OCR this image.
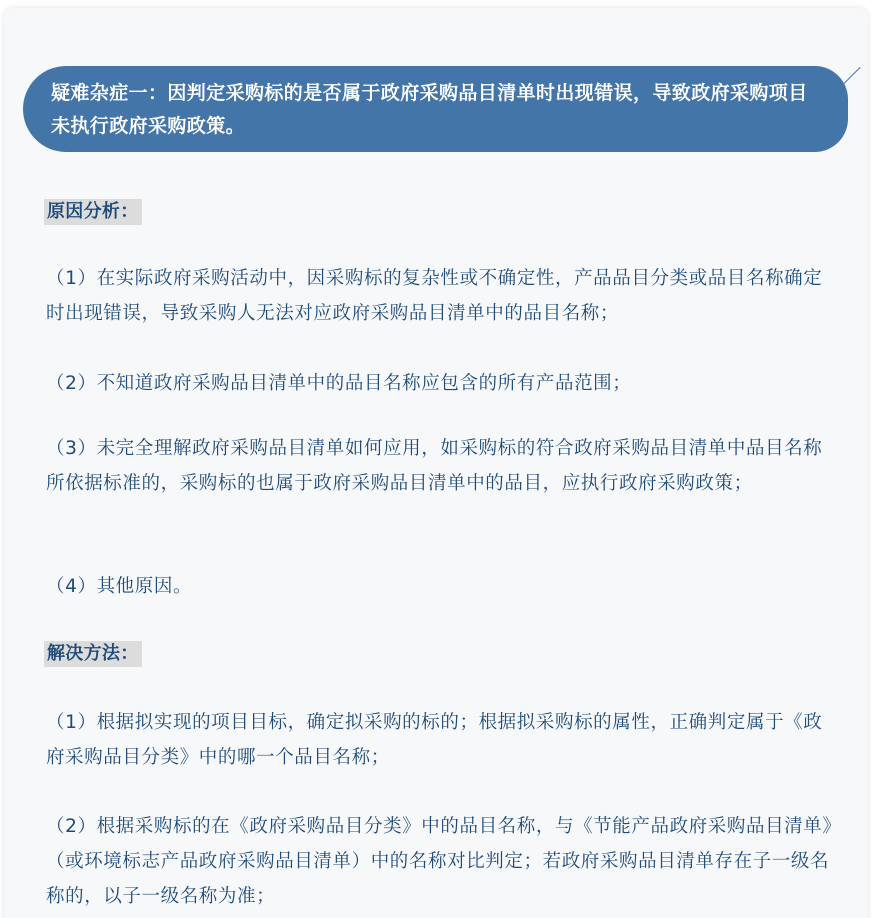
疑难杂症一：因判定采购标的是否属于政府采购品目清单时出现错误，导致政府采购项目未执行政府采购政策。
原因分析：

（1）在实际政府采购活动中，因采购标的复杂性或不确定性，产品品目分类或品目名称确定时出现错误，导致采购人无法对应政府采购品目清单中的品目名称；

（2）不知道政府采购品目清单中的品目名称应包含的所有产品范围；

（3）未完全理解政府采购品目清单如何应用，如采购标的符合政府采购品目清单中品目名称所依据标准的，采购标的也属于政府采购品目清单中的品目，应执行政府采购政策；

（4）其他原因。

解决方法：

（1）根据拟实现的项目目标，确定拟采购的标的；根据拟采购标的属性，正确判定属于《政府采购品目分类》中的哪一个品目名称；

（2）根据采购标的在《政府采购品目分类》中的品目名称，与《节能产品政府采购品目清单》（或环境标志产品政府采购品目清单）中的名称对比判定；若政府采购品目清单存在子一级名称的，以子一级名称为准；
